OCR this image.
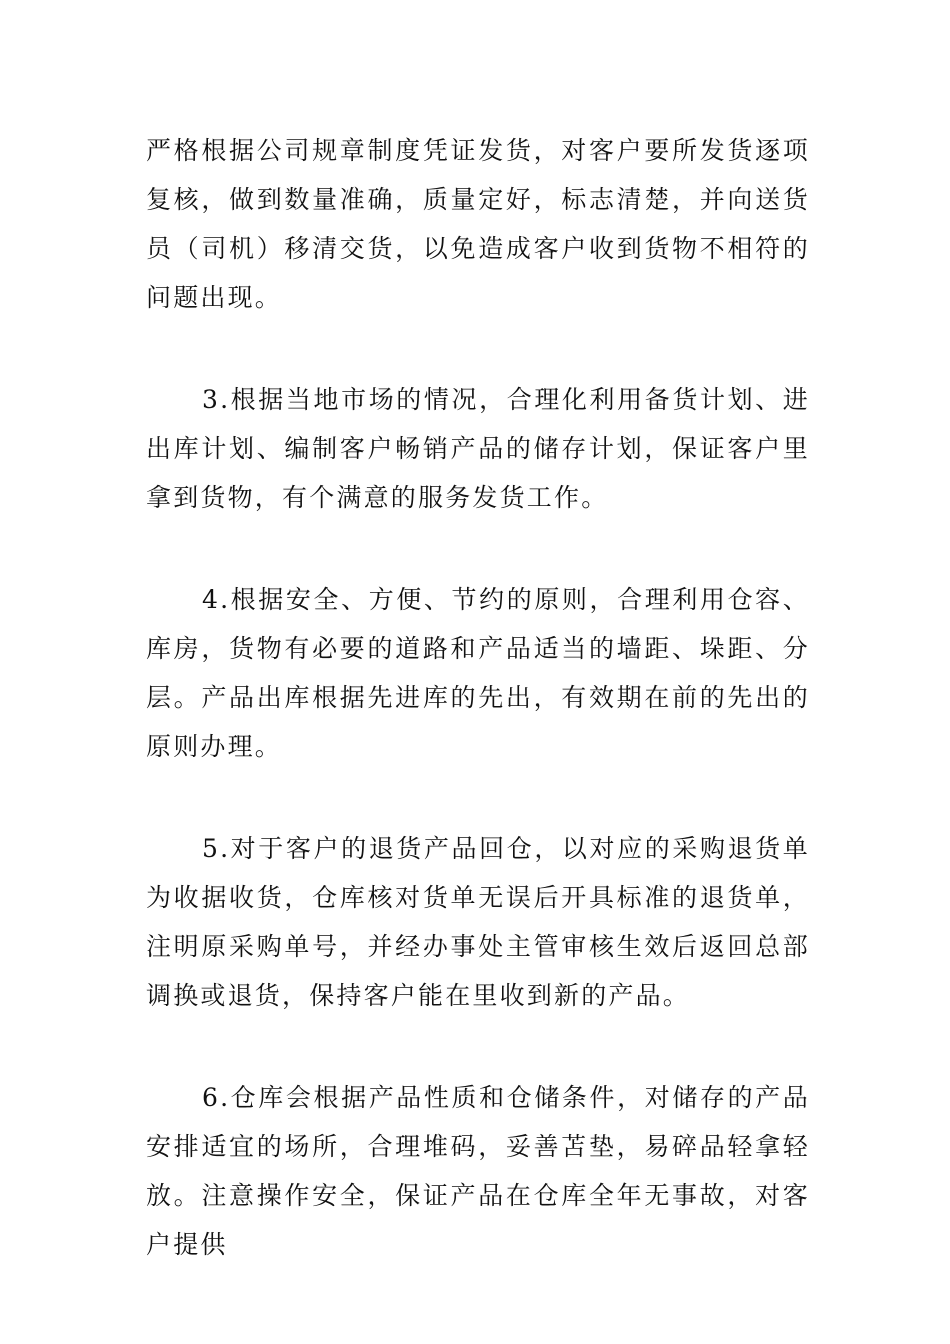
严格根据公司规章制度凭证发货，对客户要所发货逐项复核，做到数量准确，质量定好，标志清楚，并向送货员（司机）移清交货，以免造成客户收到货物不相符的问题出现。

3.根据当地市场的情况，合理化利用备货计划、进出库计划、编制客户畅销产品的储存计划，保证客户里拿到货物，有个满意的服务发货工作。

4.根据安全、方便、节约的原则，合理利用仓容、库房，货物有必要的道路和产品适当的墙距、垛距、分层。产品出库根据先进库的先出，有效期在前的先出的原则办理。

5.对于客户的退货产品回仓，以对应的采购退货单为收据收货，仓库核对货单无误后开具标准的退货单，注明原采购单号，并经办事处主管审核生效后返回总部调换或退货，保持客户能在里收到新的产品。

6.仓库会根据产品性质和仓储条件，对储存的产品安排适宜的场所，合理堆码，妥善苫垫，易碎品轻拿轻放。注意操作安全，保证产品在仓库全年无事故，对客户提供
